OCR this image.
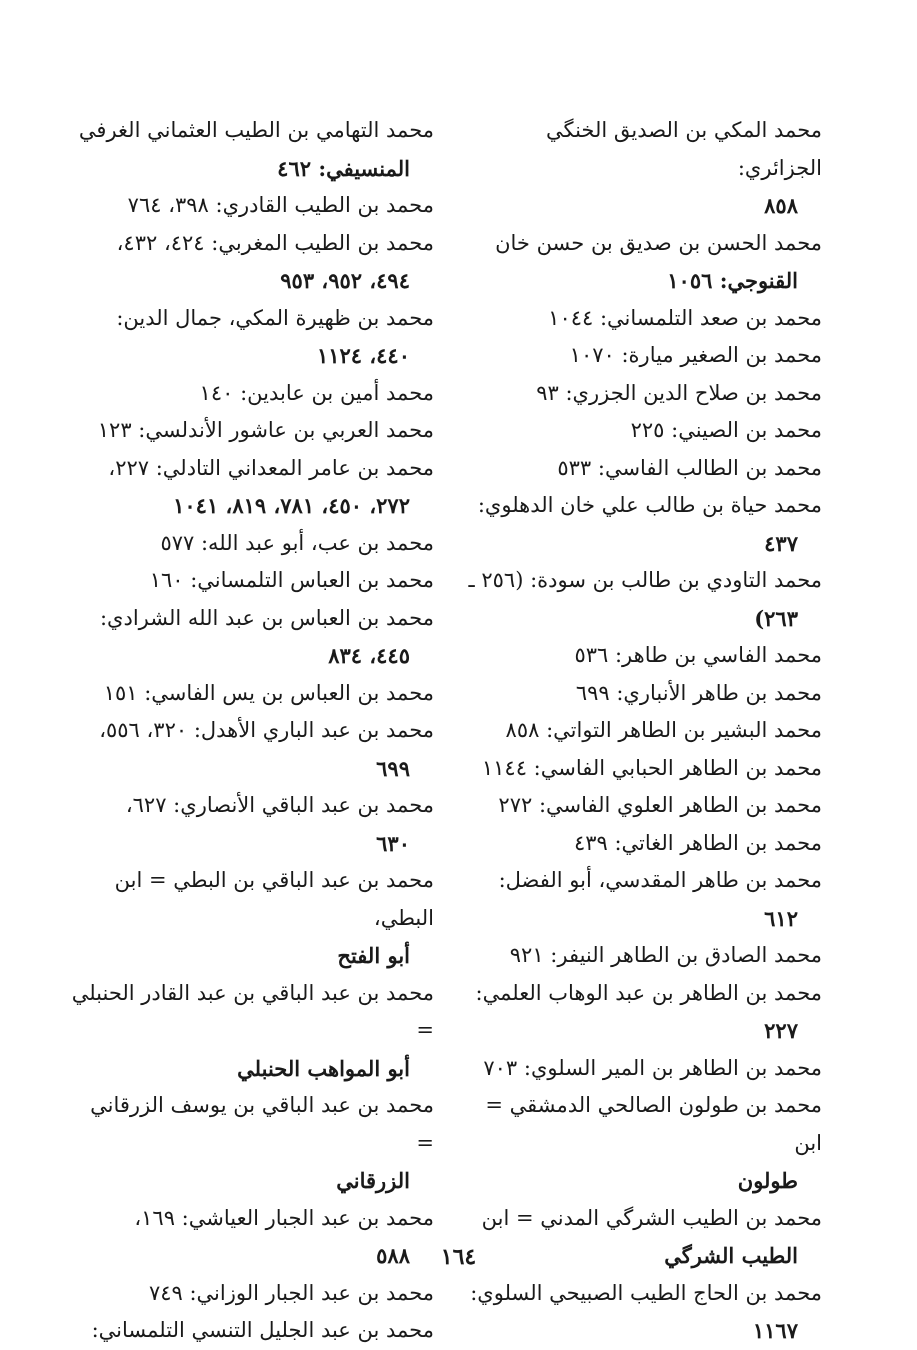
محمد المكي بن الصديق الخنگي الجزائري:
٨٥٨
محمد الحسن بن صديق بن حسن خان
القنوجي: ١٠٥٦
محمد بن صعد التلمساني: ١٠٤٤
محمد بن الصغير ميارة: ١٠٧٠
محمد بن صلاح الدين الجزري: ٩٣
محمد بن الصيني: ٢٢٥
محمد بن الطالب الفاسي: ٥٣٣
محمد حياة بن طالب علي خان الدهلوي:
٤٣٧
محمد التاودي بن طالب بن سودة: (٢٥٦ ـ
٢٦٣)
محمد الفاسي بن طاهر: ٥٣٦
محمد بن طاهر الأنباري: ٦٩٩
محمد البشير بن الطاهر التواتي: ٨٥٨
محمد بن الطاهر الحبابي الفاسي: ١١٤٤
محمد بن الطاهر العلوي الفاسي: ٢٧٢
محمد بن الطاهر الغاتي: ٤٣٩
محمد بن طاهر المقدسي، أبو الفضل:
٦١٢
محمد الصادق بن الطاهر النيفر: ٩٢١
محمد بن الطاهر بن عبد الوهاب العلمي:
٢٢٧
محمد بن الطاهر بن المير السلوي: ٧٠٣
محمد بن طولون الصالحي الدمشقي = ابن
طولون
محمد بن الطيب الشرگي المدني = ابن
الطيب الشرگي
محمد بن الحاج الطيب الصبيحي السلوي:
١١٦٧
محمد التهامي بن الطيب العثماني الغرفي
المنسيفي: ٤٦٢
محمد بن الطيب القادري: ٣٩٨، ٧٦٤
محمد بن الطيب المغربي: ٤٢٤، ٤٣٢،
٤٩٤، ٩٥٢، ٩٥٣
محمد بن ظهيرة المكي، جمال الدين:
٤٤٠، ١١٢٤
محمد أمين بن عابدين: ١٤٠
محمد العربي بن عاشور الأندلسي: ١٢٣
محمد بن عامر المعداني التادلي: ٢٢٧،
٢٧٢، ٤٥٠، ٧٨١، ٨١٩، ١٠٤١
محمد بن عب، أبو عبد الله: ٥٧٧
محمد بن العباس التلمساني: ١٦٠
محمد بن العباس بن عبد الله الشرادي:
٤٤٥، ٨٣٤
محمد بن العباس بن يس الفاسي: ١٥١
محمد بن عبد الباري الأهدل: ٣٢٠، ٥٥٦،
٦٩٩
محمد بن عبد الباقي الأنصاري: ٦٢٧،
٦٣٠
محمد بن عبد الباقي بن البطي = ابن البطي،
أبو الفتح
محمد بن عبد الباقي بن عبد القادر الحنبلي =
أبو المواهب الحنبلي
محمد بن عبد الباقي بن يوسف الزرقاني =
الزرقاني
محمد بن عبد الجبار العياشي: ١٦٩،
٥٨٨
محمد بن عبد الجبار الوزاني: ٧٤٩
محمد بن عبد الجليل التنسي التلمساني:
١٦٤
